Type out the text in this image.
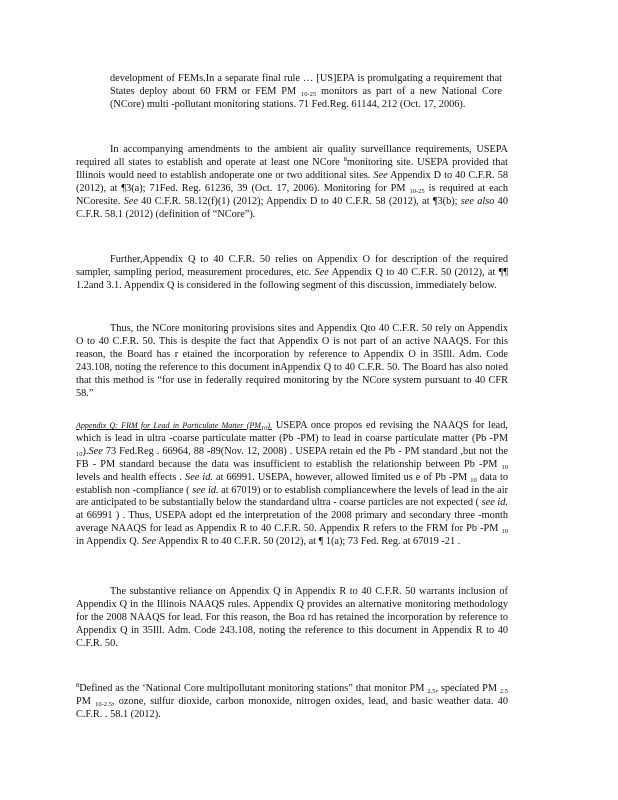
development of FEMs.In a separate final rule … [US]EPA is promulgating a requirement that States deploy about 60 FRM or FEM PM $_{10-25}$ monitors as part of a new National Core (NCore) multi -pollutant monitoring stations. 71 Fed.Reg. 61144, 212 (Oct. 17, 2006).

In accompanying amendments to the ambient air quality surveillance requirements, USEPA required all states to establish and operate at least one NCore $^8$monitoring site. USEPA provided that Illinois would need to establish andoperate one or two additional sites. See Appendix D to 40 C.F.R. 58 (2012), at ¶3(a); 71Fed. Reg. 61236, 39 (Oct. 17, 2006). Monitoring for PM $_{10-25}$ is required at each NCoresite. See 40 C.F.R. 58.12(f)(1) (2012); Appendix D to 40 C.F.R. 58 (2012), at ¶3(b); see also 40 C.F.R. 58.1 (2012) (definition of “NCore”).

Further,Appendix Q to 40 C.F.R. 50 relies on Appendix O for description of the required sampler, sampling period, measurement procedures, etc. See Appendix Q to 40 C.F.R. 50 (2012), at ¶¶ 1.2and 3.1. Appendix Q is considered in the following segment of this discussion, immediately below.

Thus, the NCore monitoring provisions sites and Appendix Qto 40 C.F.R. 50 rely on Appendix O to 40 C.F.R. 50. This is despite the fact that Appendix O is not part of an active NAAQS. For this reason, the Board has r etained the incorporation by reference to Appendix O in 35Ill. Adm. Code 243.108, noting the reference to this document inAppendix Q to 40 C.F.R. 50. The Board has also noted that this method is “for use in federally required monitoring by the NCore system pursuant to 40 CFR 58.”

Appendix Q: FRM for Lead in Particulate Matter $(PM_{10})$. USEPA once propos ed revising the NAAQS for lead, which is lead in ultra -coarse particulate matter (Pb -PM) to lead in coarse particulate matter (Pb -PM $_{10}$).See 73 Fed.Reg . 66964, 88 -89(Nov. 12, 2008) . USEPA retain ed the Pb - PM standard ,but not the FB - PM standard because the data was insufficient to establish the relationship between Pb -PM $_{10}$ levels and health effects . See id. at 66991. USEPA, however, allowed limited us e of Pb -PM $_{10}$ data to establish non -compliance ( see id. at 67019) or to establish compliancewhere the levels of lead in the air are anticipated to be substantially below the standardand ultra - coarse particles are not expected ( see id. at 66991 ) . Thus, USEPA adopt ed the interpretation of the 2008 primary and secondary three -month average NAAQS for lead as Appendix R to 40 C.F.R. 50. Appendix R refers to the FRM for Pb -PM $_{10}$ in Appendix Q. See Appendix R to 40 C.F.R. 50 (2012), at ¶ 1(a); 73 Fed. Reg. at 67019 -21 .

The substantive reliance on Appendix Q in Appendix R to 40 C.F.R. 50 warrants inclusion of Appendix Q in the Illinois NAAQS rules. Appendix Q provides an alternative monitoring methodology for the 2008 NAAQS for lead. For this reason, the Boa rd has retained the incorporation by reference to Appendix Q in 35Ill. Adm. Code 243.108, noting the reference to this document in Appendix R to 40 C.F.R. 50.

$^8$Defined as the ‘National Core multipollutant monitoring stations” that monitor PM $_{2.5}$, speciated PM $_{2.5}$ PM $_{10-2.5}$, ozone, sulfur dioxide, carbon monoxide, nitrogen oxides, lead, and basic weather data. 40 C.F.R. . 58.1 (2012).
